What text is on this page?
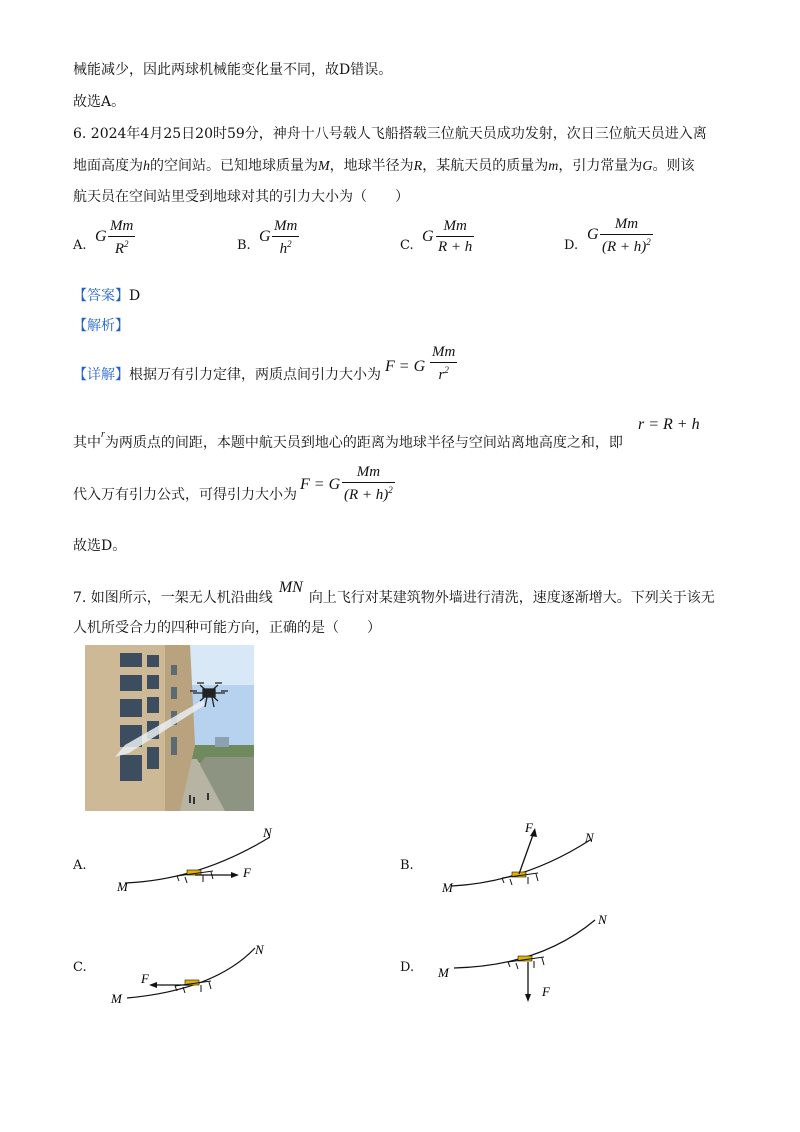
械能减少，因此两球机械能变化量不同，故D错误。
故选A。
6. 2024年4月25日20时59分，神舟十八号载人飞船搭载三位航天员成功发射，次日三位航天员进入离
地面高度为h的空间站。已知地球质量为M，地球半径为R，某航天员的质量为m，引力常量为G。则该
航天员在空间站里受到地球对其的引力大小为（　　）
A.
G
Mm
$R^2$	B.
G
Mm
$h^2$	C.
G
Mm
R + h	D.
G
Mm
$(R + h)^2$
【答案】D
【解析】
【详解】根据万有引力定律，两质点间引力大小为 F = G
Mm
$r^2$
其中$^r$为两质点的间距，本题中航天员到地心的距离为地球半径与空间站离地高度之和，即
r = R + h
代入万有引力公式，可得引力大小为
F = G
Mm
$(R + h)^2$
故选D。
7. 如图所示，一架无人机沿曲线MN向上飞行对某建筑物外墙进行清洗，速度逐渐增大。下列关于该无
人机所受合力的四种可能方向，正确的是（　　）
A.
M
N
F	B.
M
N
F
C.
M
N
F
D. M
N
F
